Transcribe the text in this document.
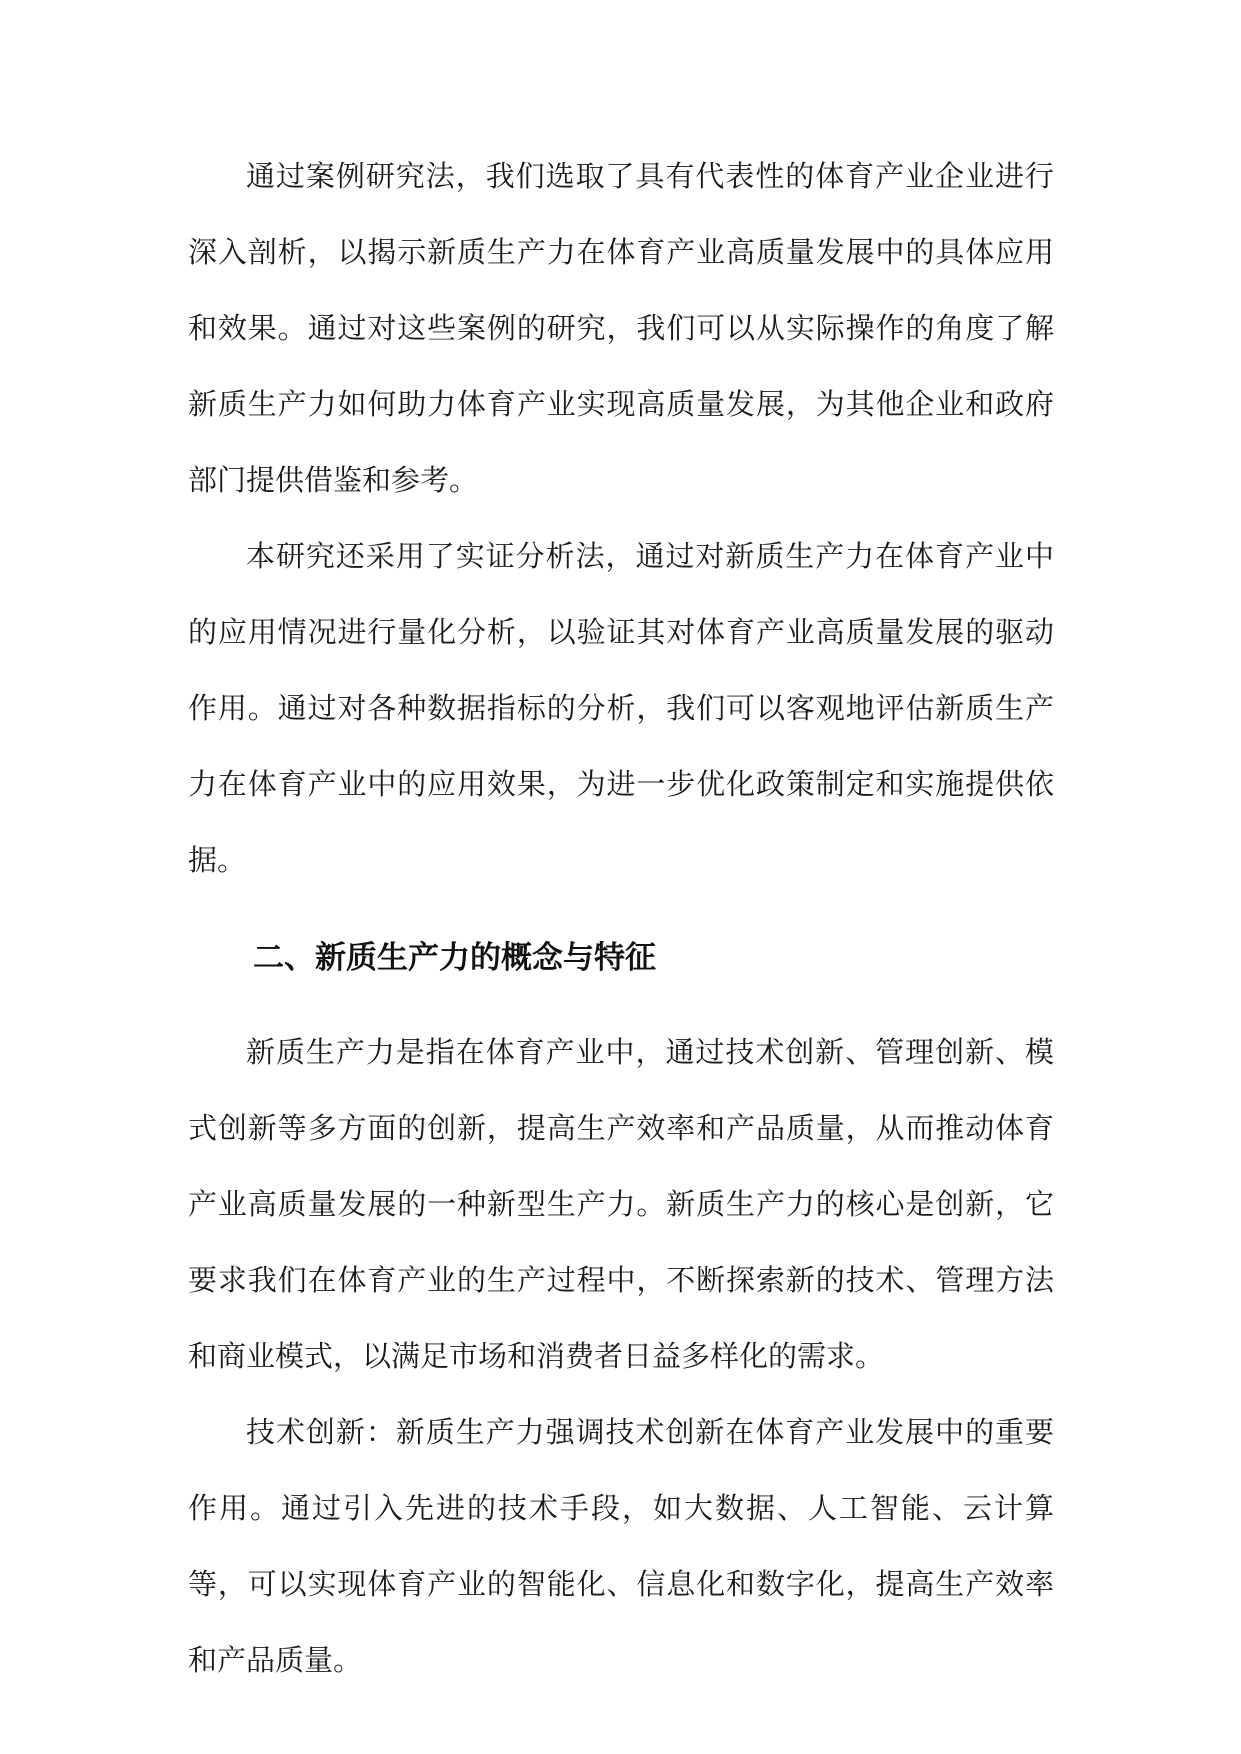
通过案例研究法，我们选取了具有代表性的体育产业企业进行深入剖析，以揭示新质生产力在体育产业高质量发展中的具体应用和效果。通过对这些案例的研究，我们可以从实际操作的角度了解新质生产力如何助力体育产业实现高质量发展，为其他企业和政府部门提供借鉴和参考。

本研究还采用了实证分析法，通过对新质生产力在体育产业中的应用情况进行量化分析，以验证其对体育产业高质量发展的驱动作用。通过对各种数据指标的分析，我们可以客观地评估新质生产力在体育产业中的应用效果，为进一步优化政策制定和实施提供依据。

二、新质生产力的概念与特征

新质生产力是指在体育产业中，通过技术创新、管理创新、模式创新等多方面的创新，提高生产效率和产品质量，从而推动体育产业高质量发展的一种新型生产力。新质生产力的核心是创新，它要求我们在体育产业的生产过程中，不断探索新的技术、管理方法和商业模式，以满足市场和消费者日益多样化的需求。

技术创新：新质生产力强调技术创新在体育产业发展中的重要作用。通过引入先进的技术手段，如大数据、人工智能、云计算等，可以实现体育产业的智能化、信息化和数字化，提高生产效率和产品质量。
